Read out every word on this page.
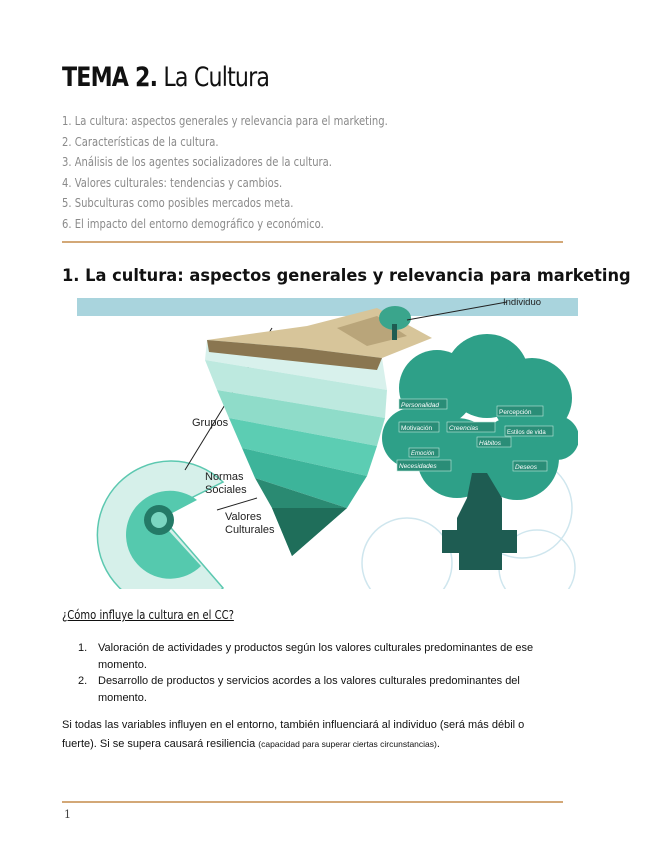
TEMA 2. La Cultura
1. La cultura: aspectos generales y relevancia para el marketing.
2. Características de la cultura.
3. Análisis de los agentes socializadores de la cultura.
4. Valores culturales: tendencias y cambios.
5. Subculturas como posibles mercados meta.
6. El impacto del entorno demográfico y económico.
1. La cultura: aspectos generales y relevancia para marketing
Individuo
Grupos
Normas
Sociales
Valores
Culturales
Personalidad
Percepción
Motivación	Creencias
Estilos de vida
Hábitos
Emoción
Necesidades	Deseos
¿Cómo influye la cultura en el CC?
1. Valoración de actividades y productos según los valores culturales predominantes de ese momento.
2. Desarrollo de productos y servicios acordes a los valores culturales predominantes del momento.

Si todas las variables influyen en el entorno, también influenciará al individuo (será más débil o fuerte). Si se supera causará resiliencia (capacidad para superar ciertas circunstancias).

1
